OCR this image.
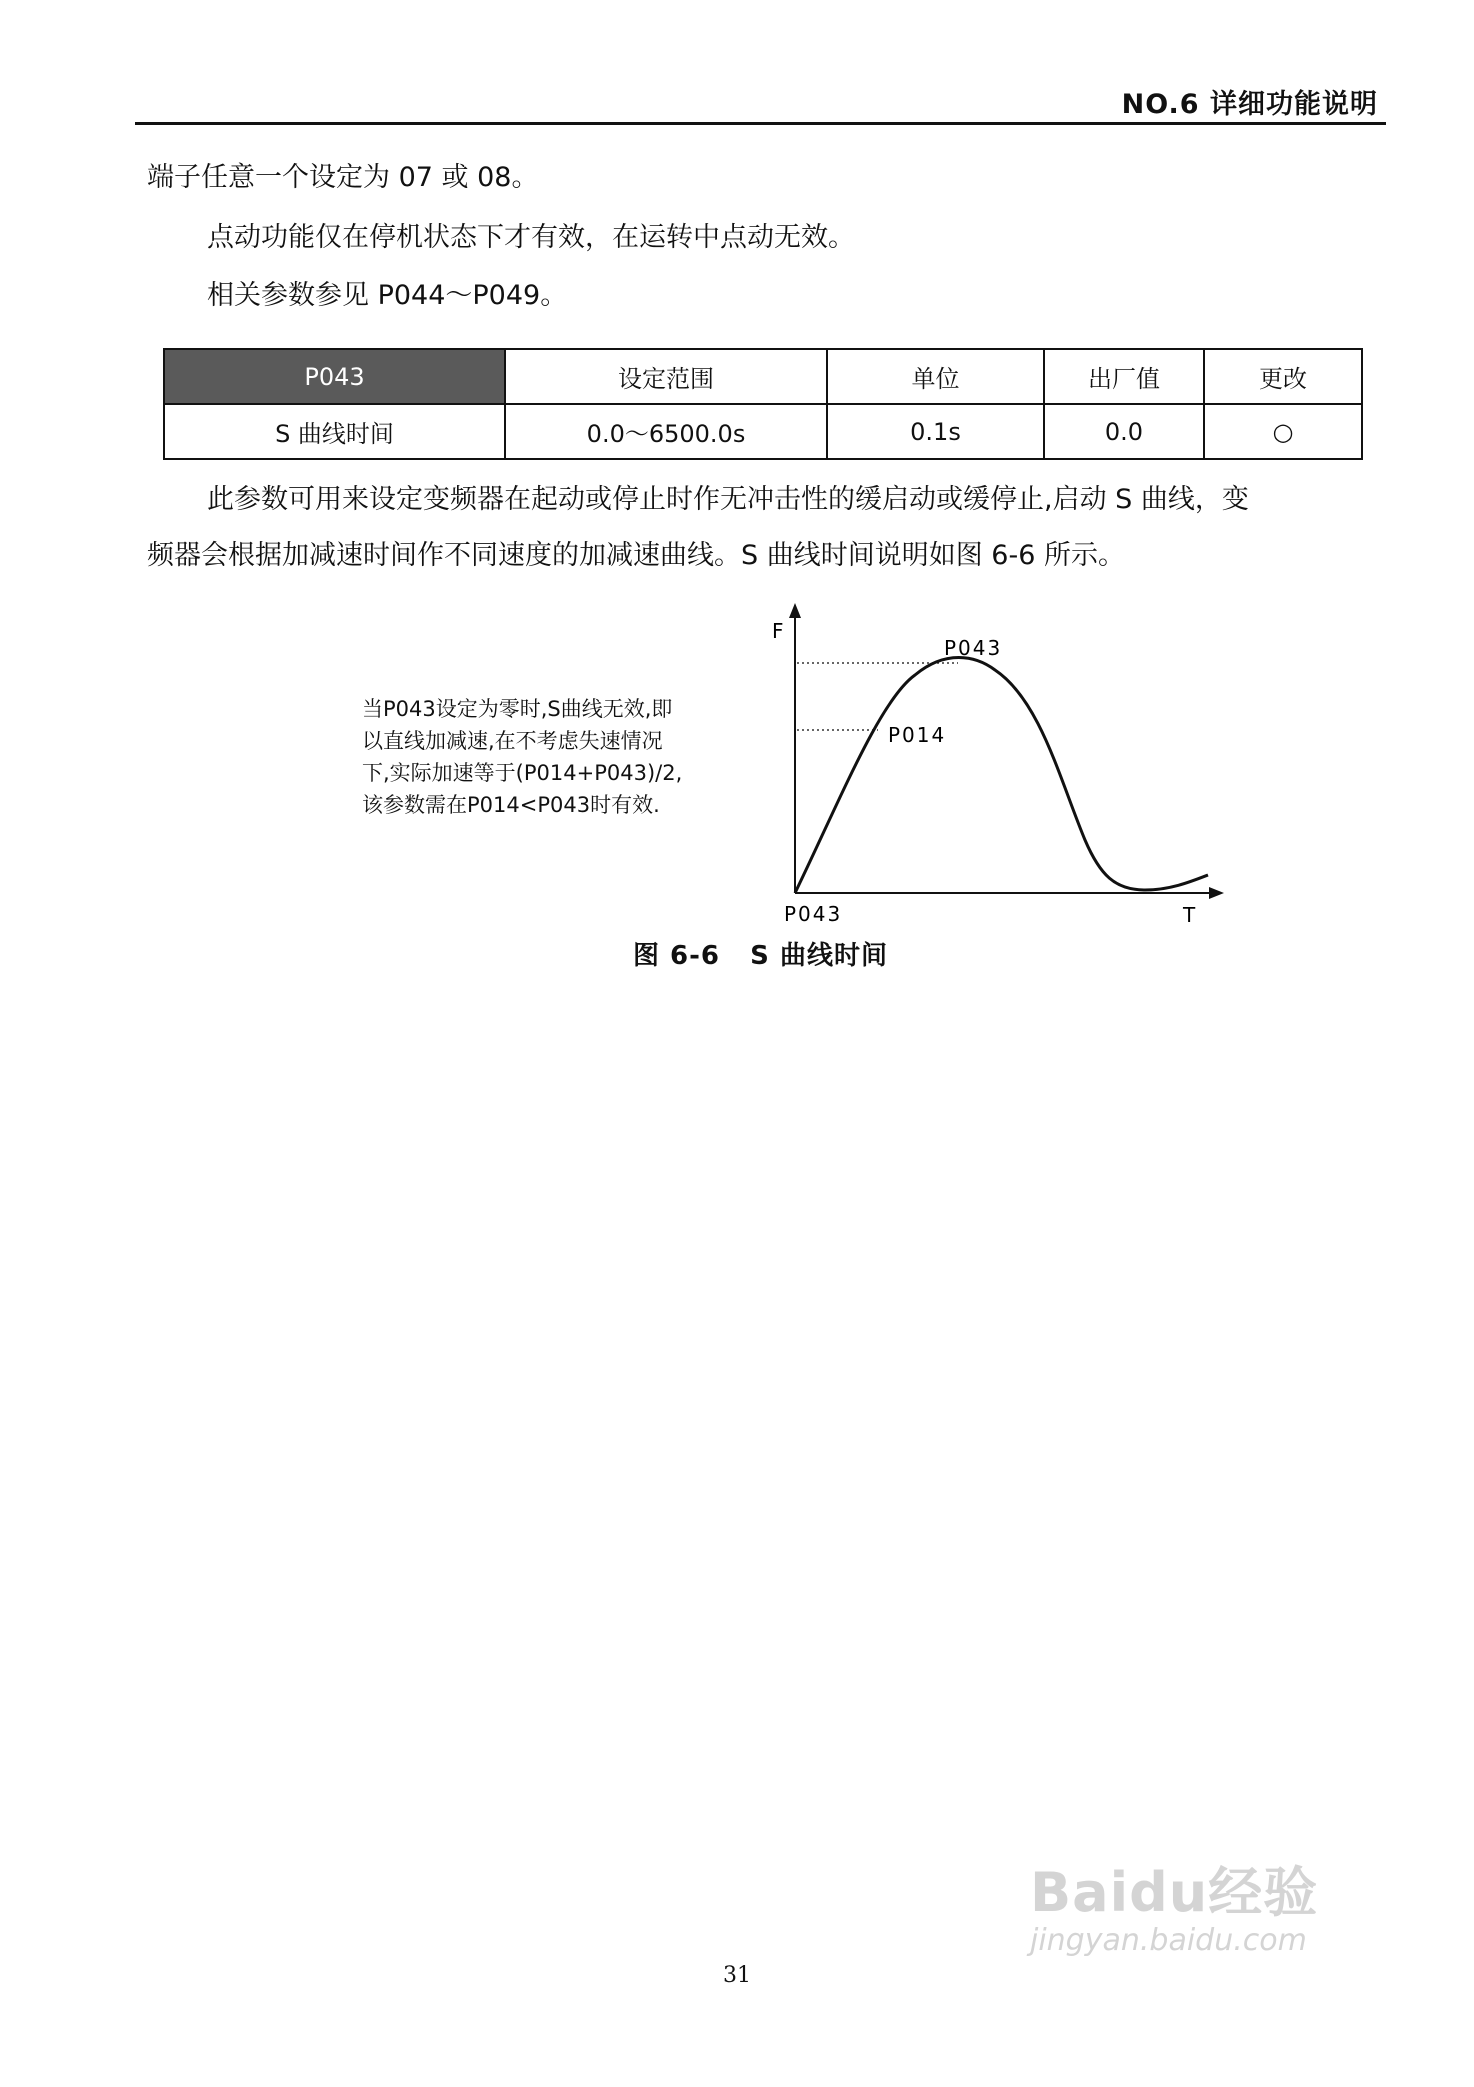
NO.6 详细功能说明

端子任意一个设定为 07 或 08。

点动功能仅在停机状态下才有效，在运转中点动无效。

相关参数参见 P044～P049。

P043	设定范围	单位	出厂值	更改
S 曲线时间	0.0～6500.0s	0.1s	0.0	○

此参数可用来设定变频器在起动或停止时作无冲击性的缓启动或缓停止,启动 S 曲线，变

频器会根据加减速时间作不同速度的加减速曲线。S 曲线时间说明如图 6-6 所示。

当P043设定为零时,S曲线无效,即
以直线加减速,在不考虑失速情况
下,实际加速等于(P014+P043)/2,
该参数需在P014<P043时有效.
F
T
P043
P014
P043
图 6-6   S 曲线时间
31
Baidu经验
jingyan.baidu.com
